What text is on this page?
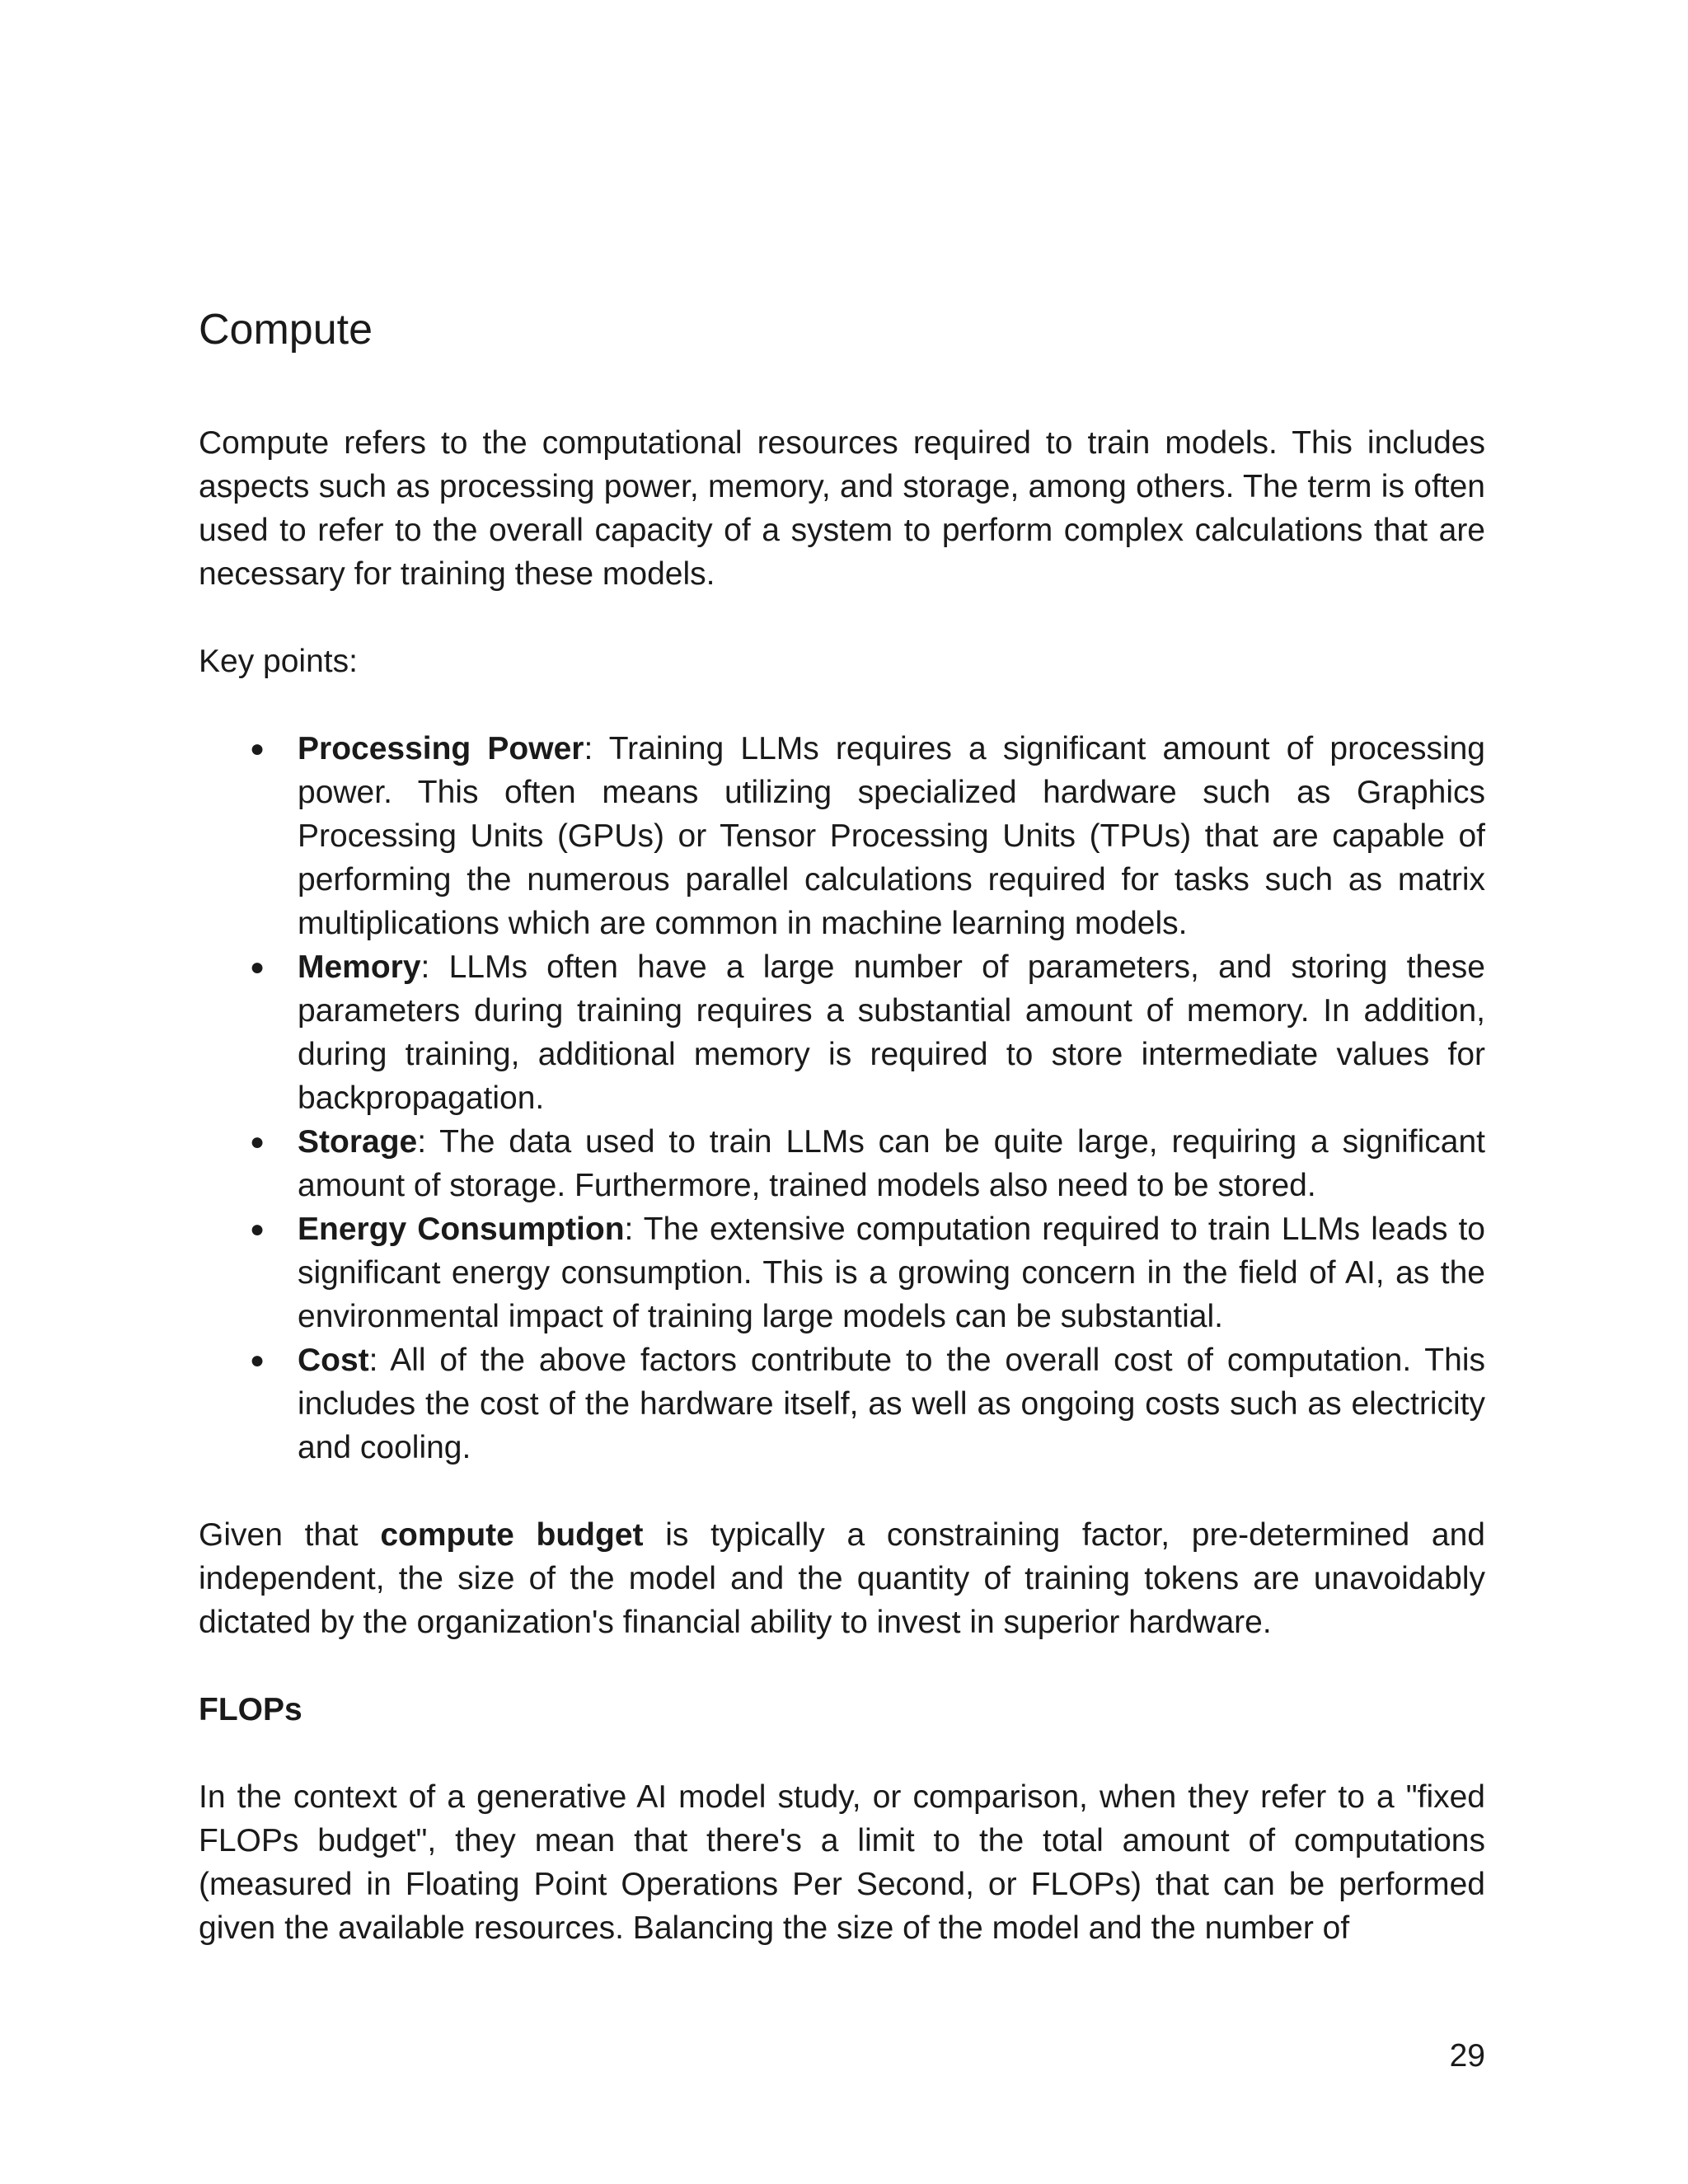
Compute

Compute refers to the computational resources required to train models. This includes aspects such as processing power, memory, and storage, among others. The term is often used to refer to the overall capacity of a system to perform complex calculations that are necessary for training these models.

Key points:

● Processing Power: Training LLMs requires a significant amount of processing power. This often means utilizing specialized hardware such as Graphics Processing Units (GPUs) or Tensor Processing Units (TPUs) that are capable of performing the numerous parallel calculations required for tasks such as matrix multiplications which are common in machine learning models.
● Memory: LLMs often have a large number of parameters, and storing these parameters during training requires a substantial amount of memory. In addition, during training, additional memory is required to store intermediate values for backpropagation.
● Storage: The data used to train LLMs can be quite large, requiring a significant amount of storage. Furthermore, trained models also need to be stored.
● Energy Consumption: The extensive computation required to train LLMs leads to significant energy consumption. This is a growing concern in the field of AI, as the environmental impact of training large models can be substantial.
● Cost: All of the above factors contribute to the overall cost of computation. This includes the cost of the hardware itself, as well as ongoing costs such as electricity and cooling.

Given that compute budget is typically a constraining factor, pre-determined and independent, the size of the model and the quantity of training tokens are unavoidably dictated by the organization's financial ability to invest in superior hardware.

FLOPs

In the context of a generative AI model study, or comparison, when they refer to a "fixed FLOPs budget", they mean that there's a limit to the total amount of computations (measured in Floating Point Operations Per Second, or FLOPs) that can be performed given the available resources. Balancing the size of the model and the number of

29
